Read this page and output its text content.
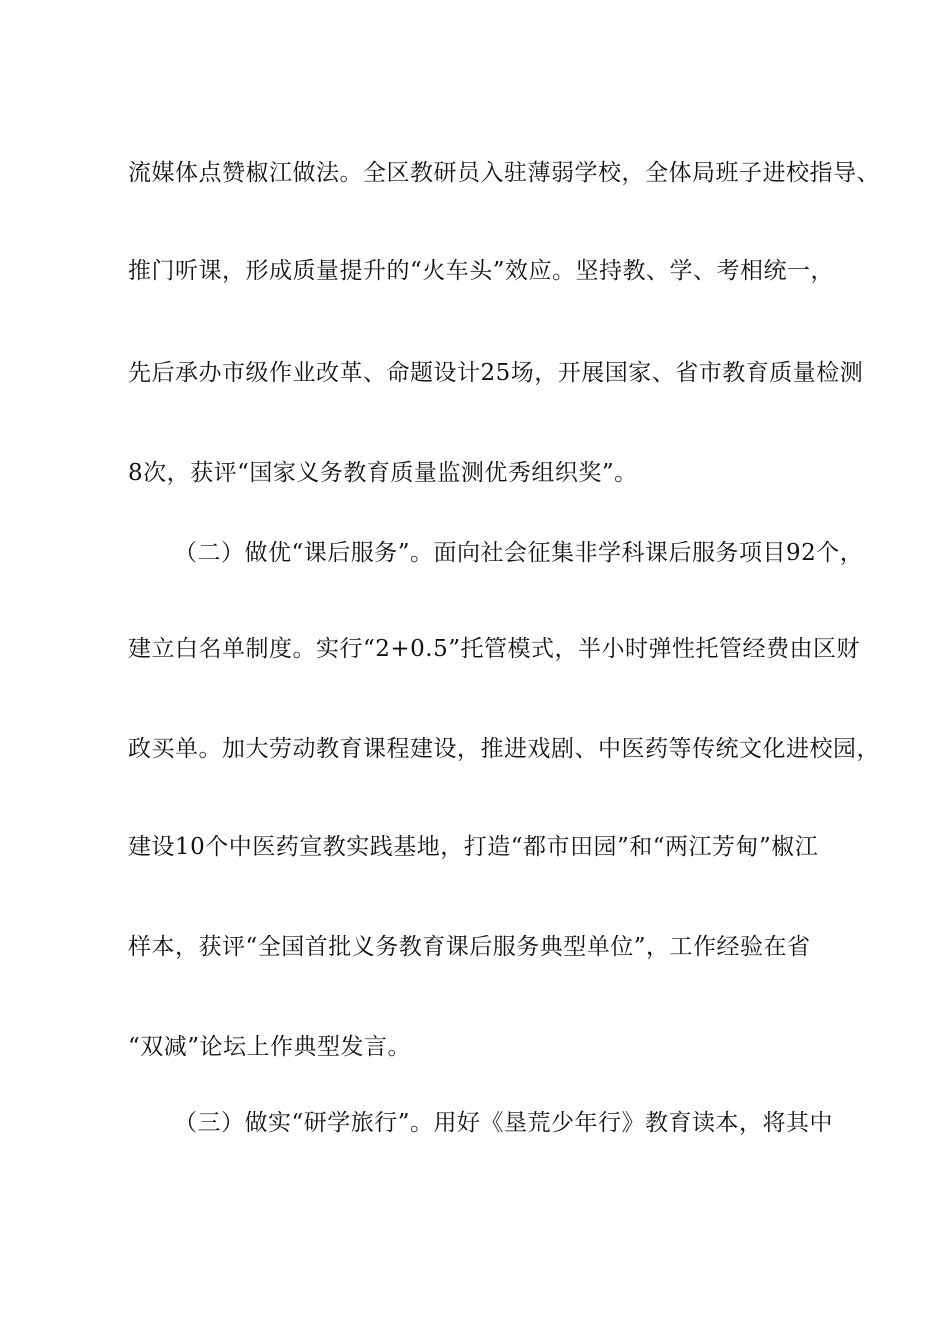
流媒体点赞椒江做法。全区教研员入驻薄弱学校，全体局班子进校指导、
推门听课，形成质量提升的“火车头”效应。坚持教、学、考相统一，
先后承办市级作业改革、命题设计25场，开展国家、省市教育质量检测
8次，获评“国家义务教育质量监测优秀组织奖”。
（二）做优“课后服务”。面向社会征集非学科课后服务项目92个，
建立白名单制度。实行“2+0.5”托管模式，半小时弹性托管经费由区财
政买单。加大劳动教育课程建设，推进戏剧、中医药等传统文化进校园，
建设10个中医药宣教实践基地，打造“都市田园”和“两江芳甸”椒江
样本，获评“全国首批义务教育课后服务典型单位”，工作经验在省
“双减”论坛上作典型发言。
（三）做实“研学旅行”。用好《垦荒少年行》教育读本，将其中
